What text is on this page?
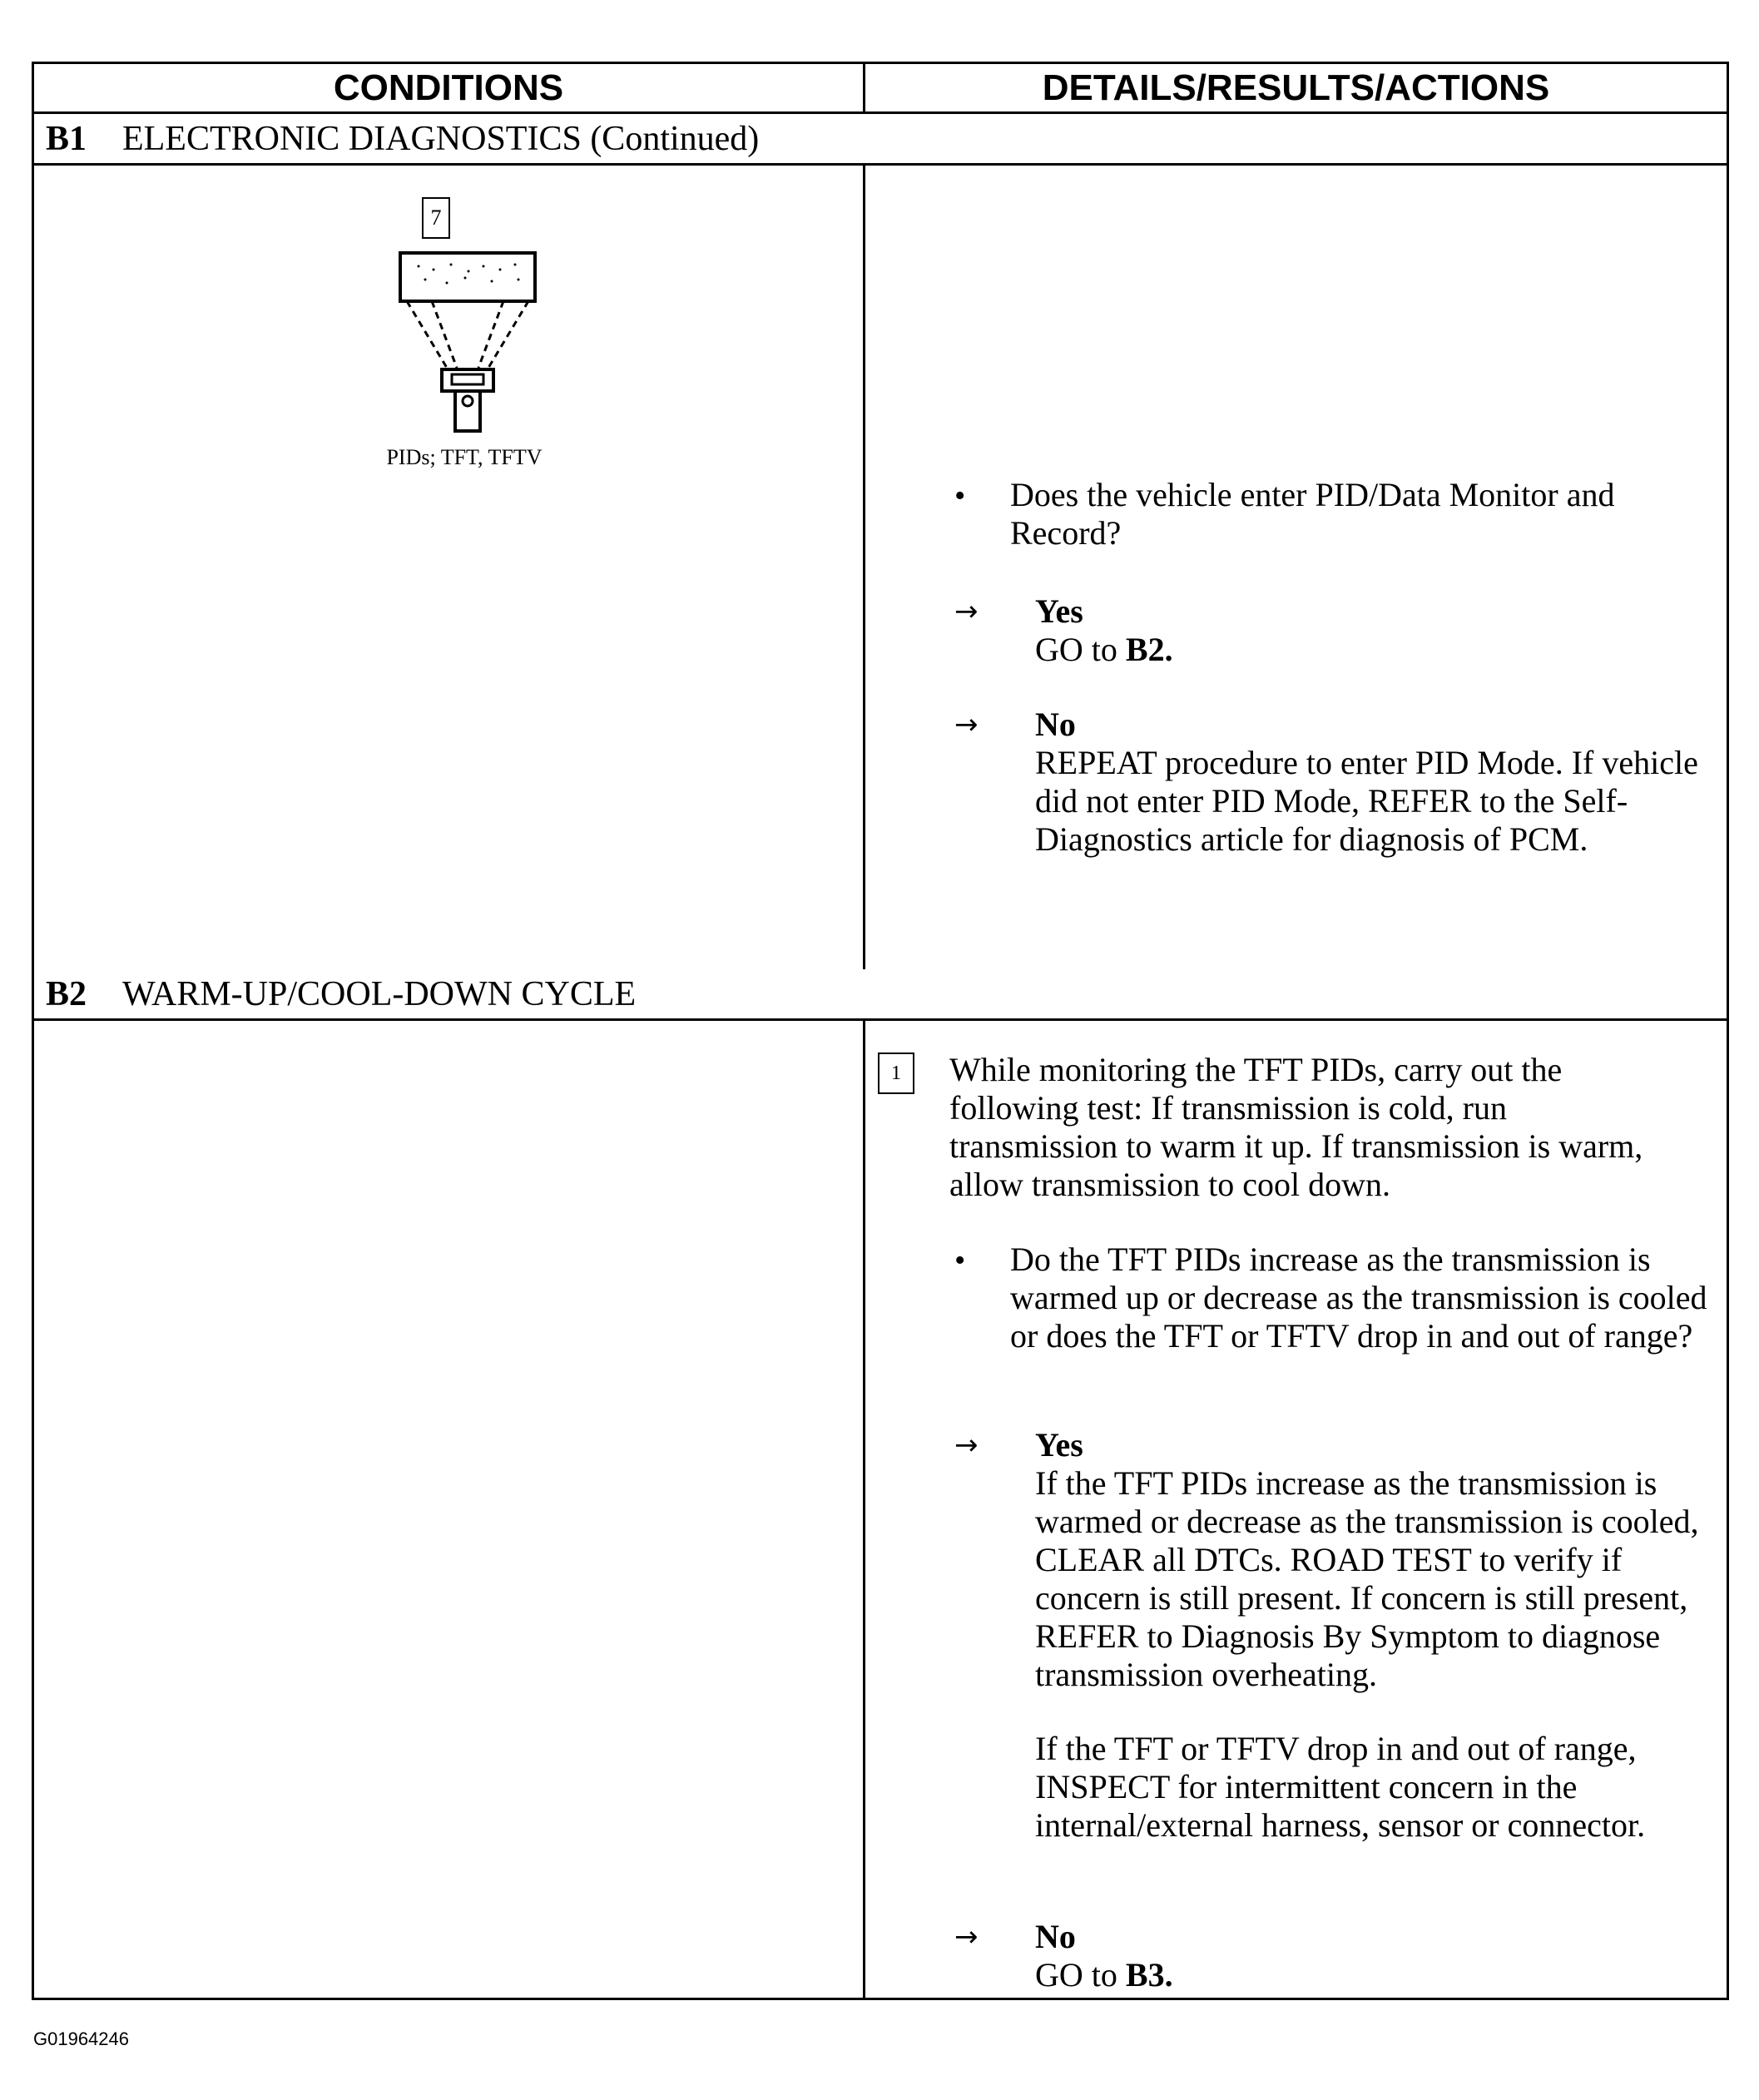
CONDITIONS	DETAILS/RESULTS/ACTIONS
B1 ELECTRONIC DIAGNOSTICS (Continued)
7
PIDs; TFT, TFTV
• Does the vehicle enter PID/Data Monitor and Record?
→ Yes
GO to B2.
→ No
REPEAT procedure to enter PID Mode. If vehicle did not enter PID Mode, REFER to the Self-Diagnostics article for diagnosis of PCM.
B2 WARM-UP/COOL-DOWN CYCLE
1	While monitoring the TFT PIDs, carry out the following test: If transmission is cold, run transmission to warm it up. If transmission is warm, allow transmission to cool down.
• Do the TFT PIDs increase as the transmission is warmed up or decrease as the transmission is cooled or does the TFT or TFTV drop in and out of range?
→ Yes
If the TFT PIDs increase as the transmission is warmed or decrease as the transmission is cooled, CLEAR all DTCs. ROAD TEST to verify if concern is still present. If concern is still present, REFER to Diagnosis By Symptom to diagnose transmission overheating.
If the TFT or TFTV drop in and out of range, INSPECT for intermittent concern in the internal/external harness, sensor or connector.
→ No
GO to B3.
G01964246
